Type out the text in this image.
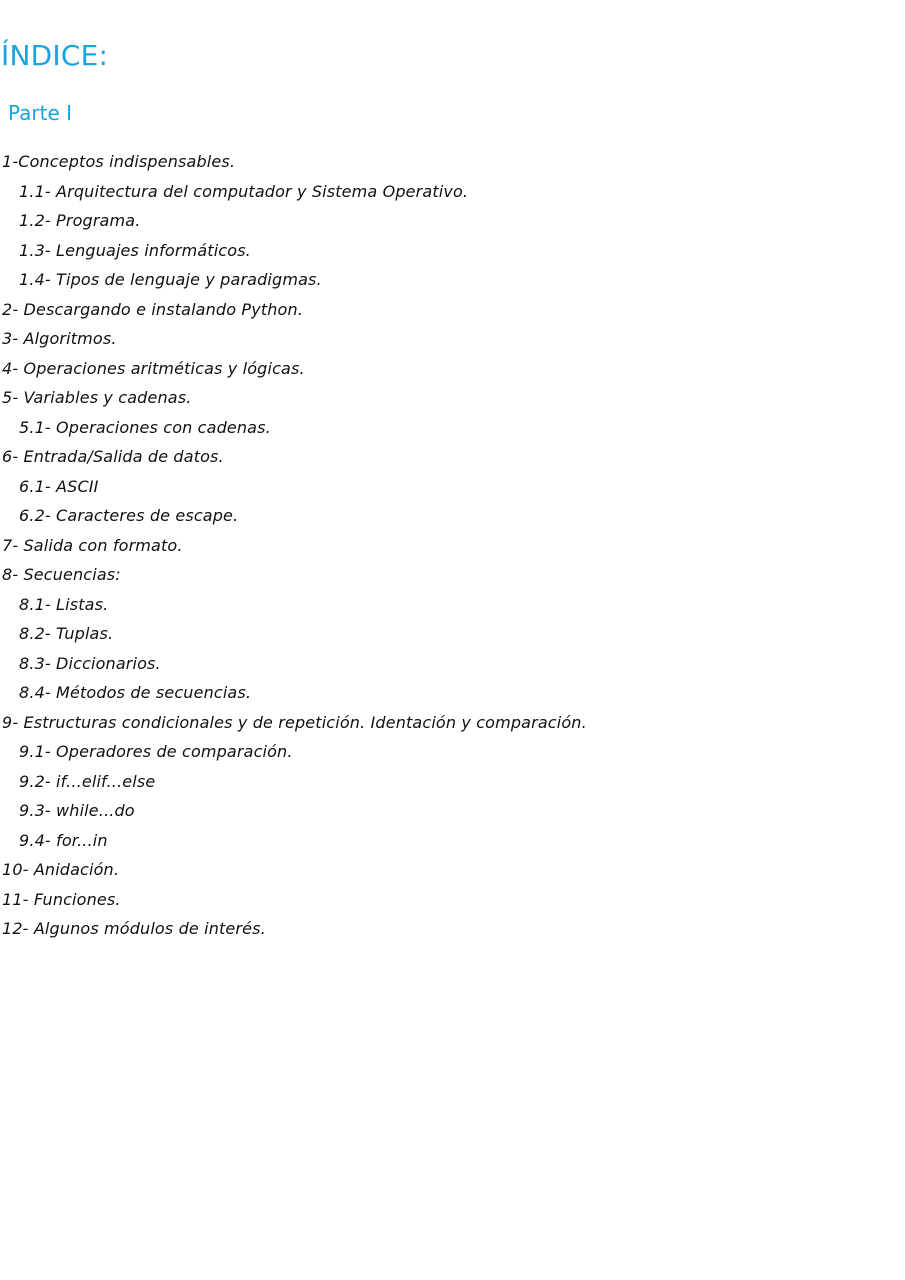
ÍNDICE:
Parte I
1-Conceptos indispensables.
1.1- Arquitectura del computador y Sistema Operativo.
1.2- Programa.
1.3- Lenguajes informáticos.
1.4- Tipos de lenguaje y paradigmas.
2- Descargando e instalando Python.
3- Algoritmos.
4- Operaciones aritméticas y lógicas.
5- Variables y cadenas.
5.1- Operaciones con cadenas.
6- Entrada/Salida de datos.
6.1- ASCII
6.2- Caracteres de escape.
7- Salida con formato.
8- Secuencias:
8.1- Listas.
8.2- Tuplas.
8.3- Diccionarios.
8.4- Métodos de secuencias.
9- Estructuras condicionales y de repetición. Identación y comparación.
9.1- Operadores de comparación.
9.2- if...elif...else
9.3- while...do
9.4- for...in
10- Anidación.
11- Funciones.
12- Algunos módulos de interés.
